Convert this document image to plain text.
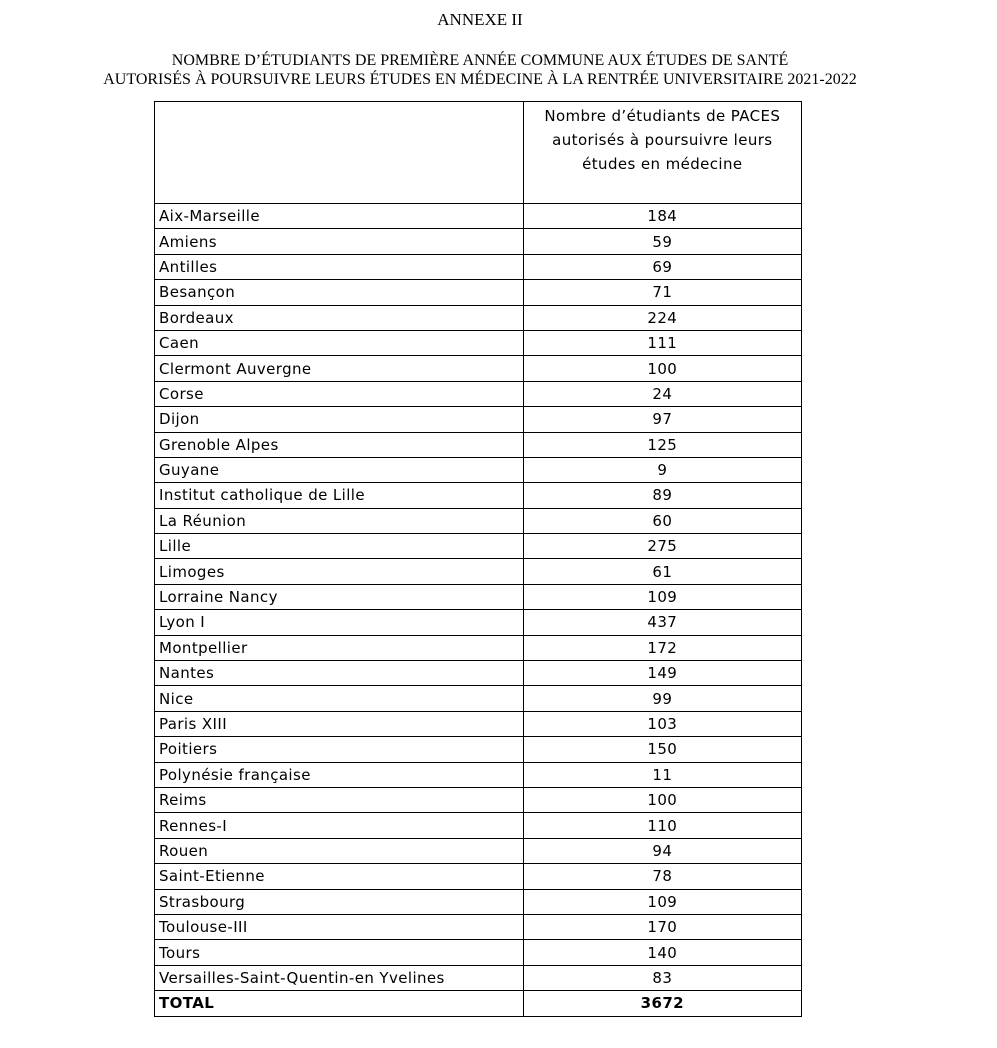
ANNEXE II
NOMBRE D’ÉTUDIANTS DE PREMIÈRE ANNÉE COMMUNE AUX ÉTUDES DE SANTÉ
AUTORISÉS À POURSUIVRE LEURS ÉTUDES EN MÉDECINE À LA RENTRÉE UNIVERSITAIRE 2021-2022
	Nombre d’étudiants de PACES autorisés à poursuivre leurs études en médecine
Aix-Marseille	184
Amiens	59
Antilles	69
Besançon	71
Bordeaux	224
Caen	111
Clermont Auvergne	100
Corse	24
Dijon	97
Grenoble Alpes	125
Guyane	9
Institut catholique de Lille	89
La Réunion	60
Lille	275
Limoges	61
Lorraine Nancy	109
Lyon I	437
Montpellier	172
Nantes	149
Nice	99
Paris XIII	103
Poitiers	150
Polynésie française	11
Reims	100
Rennes-I	110
Rouen	94
Saint-Etienne	78
Strasbourg	109
Toulouse-III	170
Tours	140
Versailles-Saint-Quentin-en Yvelines	83
TOTAL	3672
